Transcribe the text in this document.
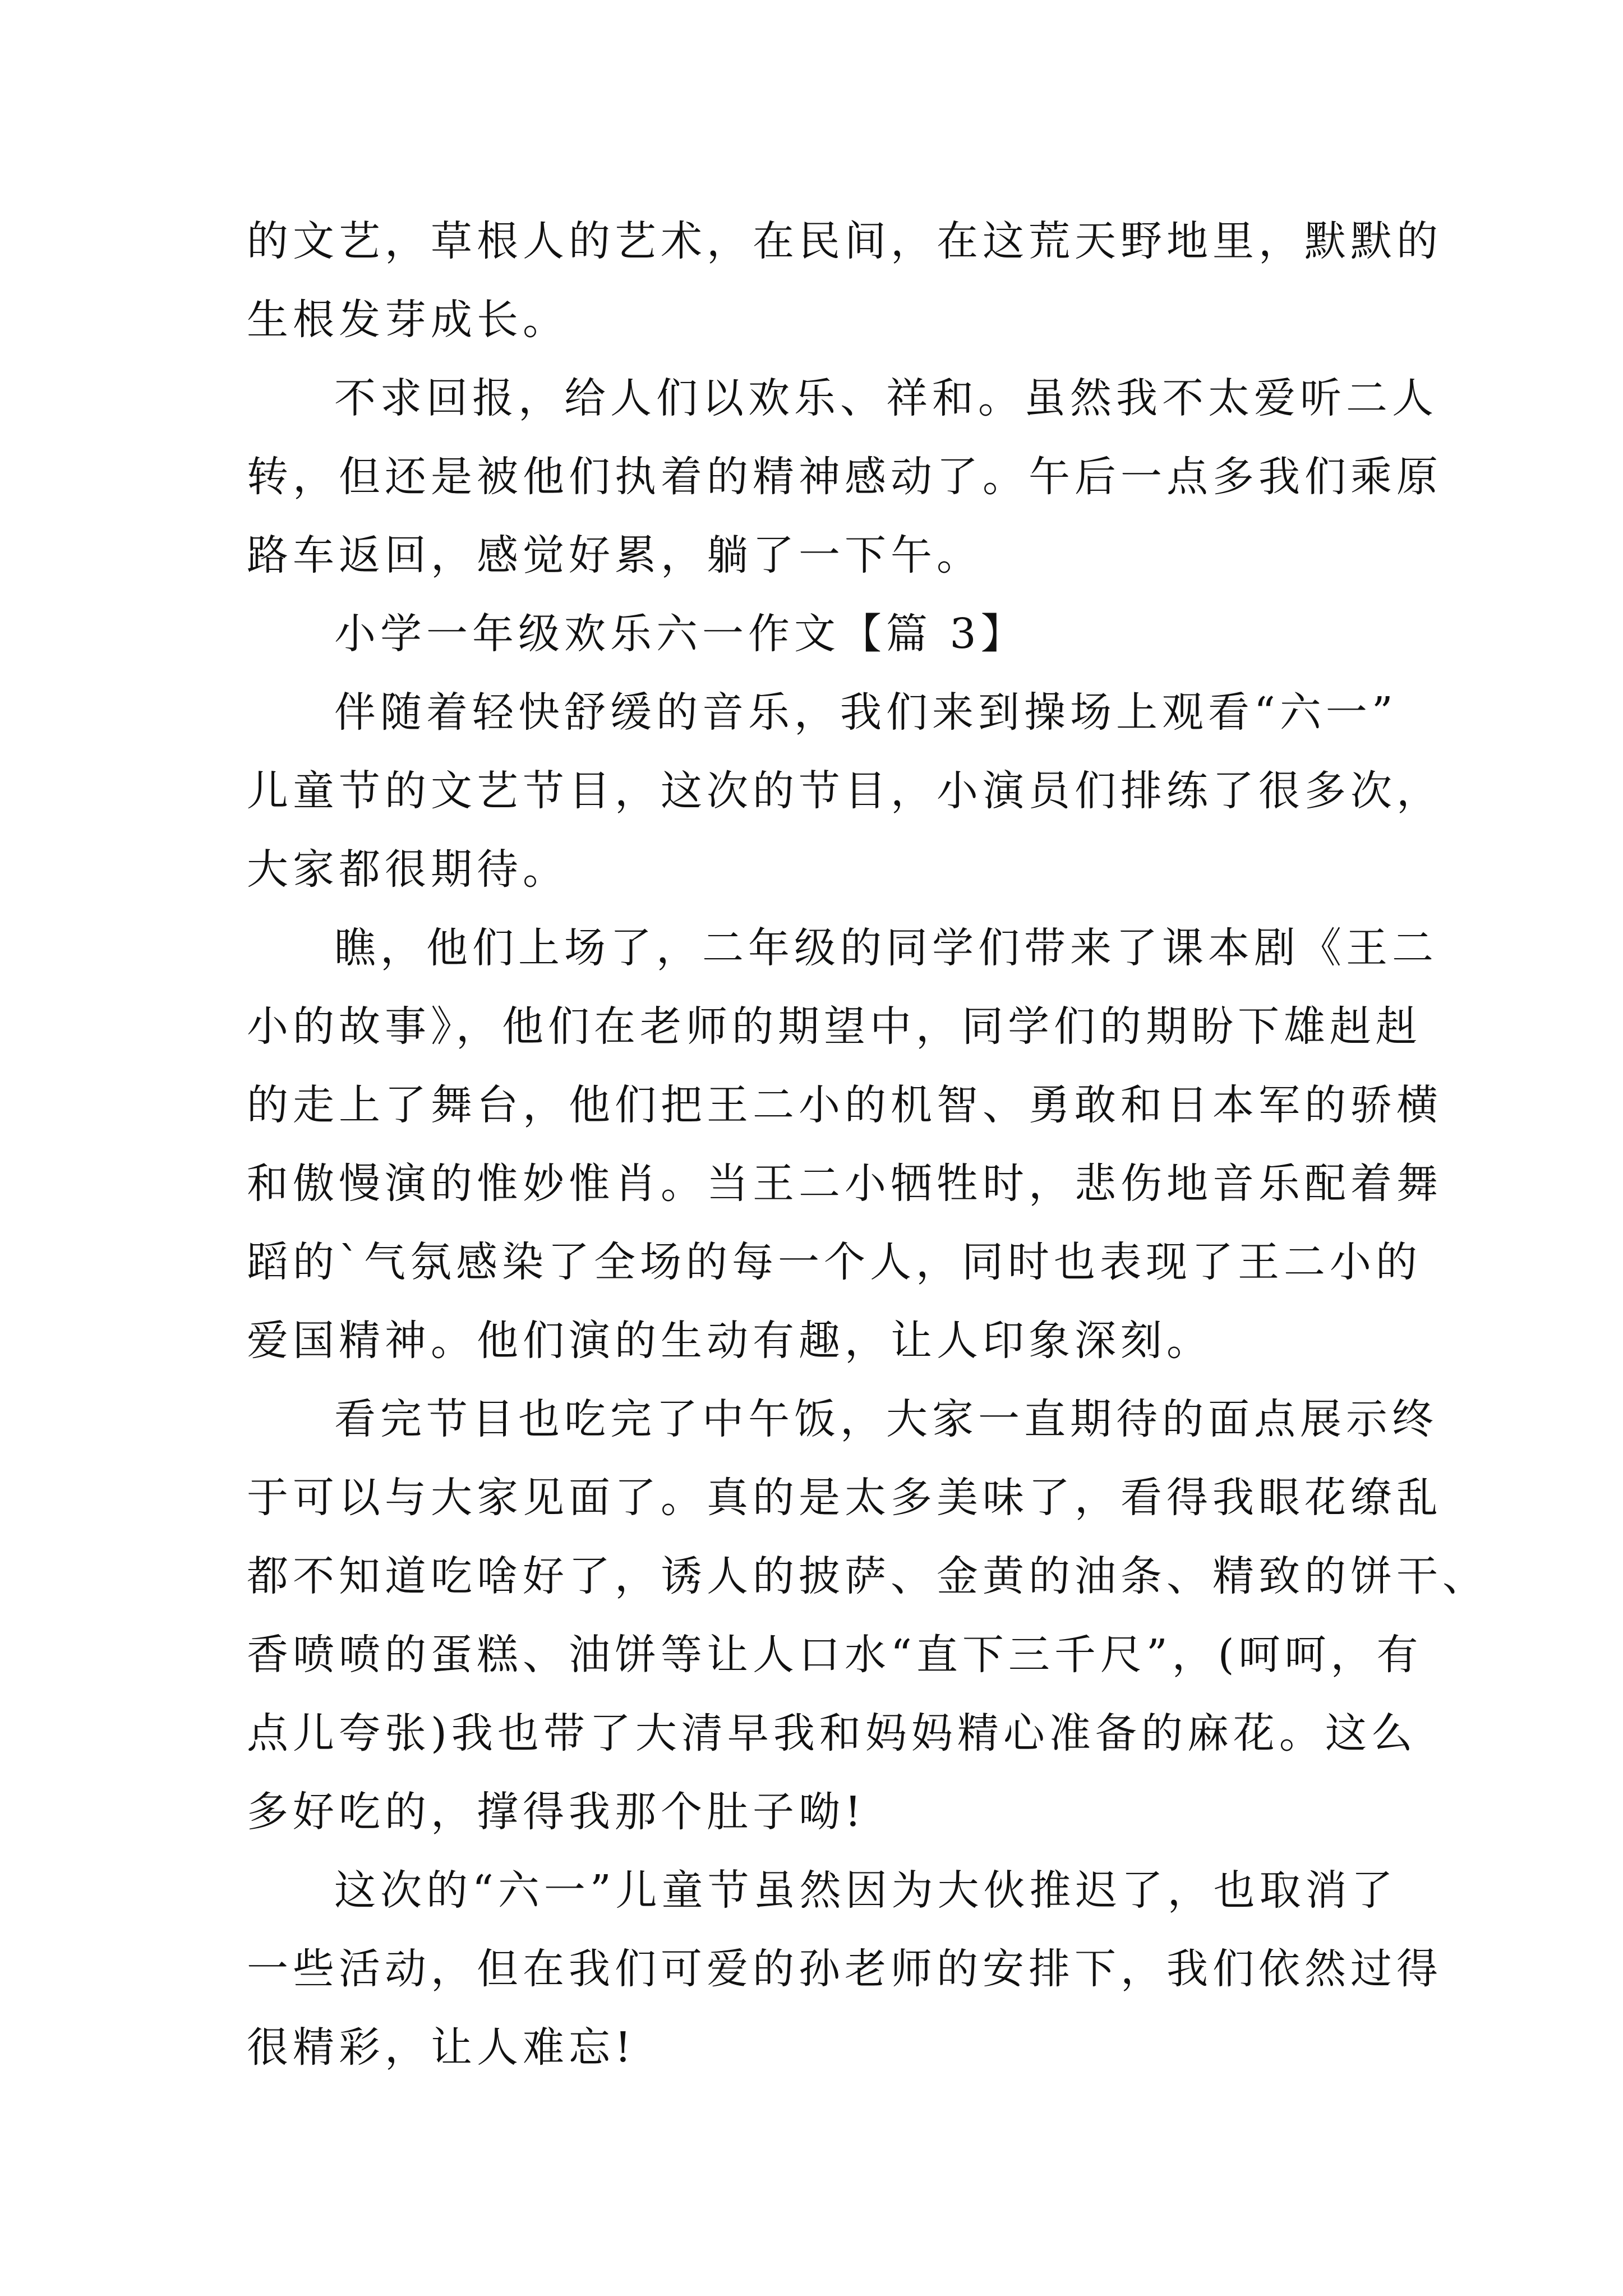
的文艺，草根人的艺术，在民间，在这荒天野地里，默默的
生根发芽成长。
不求回报，给人们以欢乐、祥和。虽然我不太爱听二人
转，但还是被他们执着的精神感动了。午后一点多我们乘原
路车返回，感觉好累，躺了一下午。
小学一年级欢乐六一作文【篇 3】
伴随着轻快舒缓的音乐，我们来到操场上观看“六一”
儿童节的文艺节目，这次的节目，小演员们排练了很多次，
大家都很期待。
瞧，他们上场了，二年级的同学们带来了课本剧《王二
小的故事》，他们在老师的期望中，同学们的期盼下雄赳赳
的走上了舞台，他们把王二小的机智、勇敢和日本军的骄横
和傲慢演的惟妙惟肖。当王二小牺牲时，悲伤地音乐配着舞
蹈的`气氛感染了全场的每一个人，同时也表现了王二小的
爱国精神。他们演的生动有趣，让人印象深刻。
看完节目也吃完了中午饭，大家一直期待的面点展示终
于可以与大家见面了。真的是太多美味了，看得我眼花缭乱
都不知道吃啥好了，诱人的披萨、金黄的油条、精致的饼干、
香喷喷的蛋糕、油饼等让人口水“直下三千尺”，(呵呵，有
点儿夸张)我也带了大清早我和妈妈精心准备的麻花。这么
多好吃的，撑得我那个肚子呦!
这次的“六一”儿童节虽然因为大伙推迟了，也取消了
一些活动，但在我们可爱的孙老师的安排下，我们依然过得
很精彩，让人难忘!
